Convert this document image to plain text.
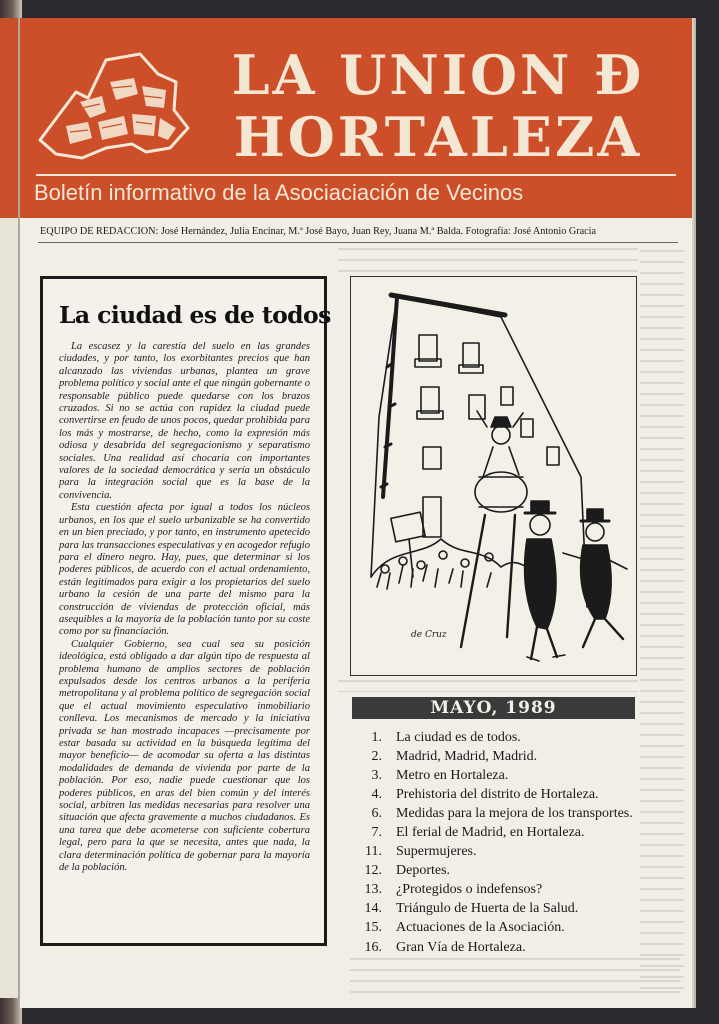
LA UNION Ð
HORTALEZA
Boletín informativo de la Asociaciación de Vecinos
EQUIPO DE REDACCION: José Hernández, Julia Encinar, M.ª José Bayo, Juan Rey, Juana M.ª Balda. Fotografía: José Antonio Gracia
La ciudad es de todos

La escasez y la carestía del suelo en las grandes ciudades, y por tanto, los exorbitantes precios que han alcanzado las viviendas urbanas, plantea un grave problema político y social ante el que ningún gobernante o responsable público puede quedarse con los brazos cruzados. Si no se actúa con rapidez la ciudad puede convertirse en feudo de unos pocos, quedar prohibida para los más y mostrarse, de hecho, como la expresión más odiosa y desabrida del segregacionismo y separatismo sociales. Una realidad así chocaría con importantes valores de la sociedad democrática y sería un obstáculo para la integración social que es la base de la convivencia.

Esta cuestión afecta por igual a todos los núcleos urbanos, en los que el suelo urbanizable se ha convertido en un bien preciado, y por tanto, en instrumento apetecido para las transacciones especulativas y en acogedor refugio para el dinero negro. Hay, pues, que determinar si los poderes públicos, de acuerdo con el actual ordenamiento, están legitimados para exigir a los propietarios del suelo urbano la cesión de una parte del mismo para la construcción de viviendas de protección oficial, más asequibles a la mayoría de la población tanto por su coste como por su financiación.

Cualquier Gobierno, sea cual sea su posición ideológica, está obligado a dar algún tipo de respuesta al problema humano de amplios sectores de población expulsados desde los centros urbanos a la periferia metropolitana y al problema político de segregación social que el actual movimiento especulativo inmobiliario conlleva. Los mecanismos de mercado y la iniciativa privada se han mostrado incapaces —precisamente por estar basada su actividad en la búsqueda legítima del mayor beneficio— de acomodar su oferta a las distintas modalidades de demanda de vivienda por parte de la población. Por eso, nadie puede cuestionar que los poderes públicos, en aras del bien común y del interés social, arbitren las medidas necesarias para resolver una situación que afecta gravemente a muchos ciudadanos. Es una tarea que debe acometerse con suficiente cobertura legal, pero para la que se necesita, antes que nada, la clara determinación política de gobernar para la mayoría de la población.

de Cruz
MAYO, 1989
1.	La ciudad es de todos.
2.	Madrid, Madrid, Madrid.
3.	Metro en Hortaleza.
4.	Prehistoria del distrito de Hortaleza.
6.	Medidas para la mejora de los transportes.
7.	El ferial de Madrid, en Hortaleza.
11.	Supermujeres.
12.	Deportes.
13.	¿Protegidos o indefensos?
14.	Triángulo de Huerta de la Salud.
15.	Actuaciones de la Asociación.
16.	Gran Vía de Hortaleza.
